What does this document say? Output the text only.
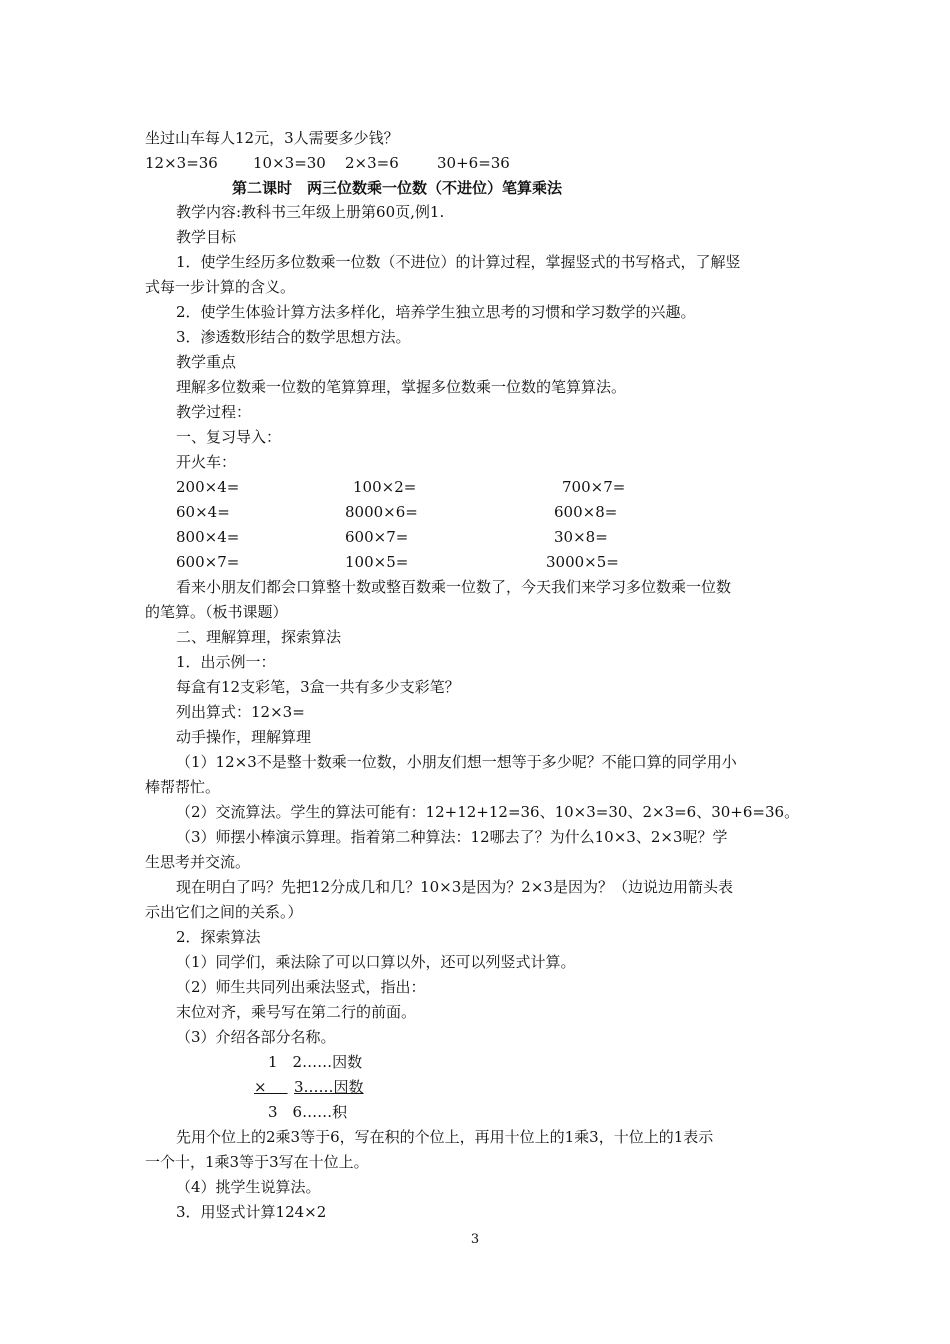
坐过山车每人12元，3人需要多少钱？
12×3=36 10×3=30 2×3=6	30+6=36
第二课时　两三位数乘一位数（不进位）笔算乘法
教学内容:教科书三年级上册第60页,例1.
教学目标
1．使学生经历多位数乘一位数（不进位）的计算过程，掌握竖式的书写格式，了解竖
式每一步计算的含义。
2．使学生体验计算方法多样化，培养学生独立思考的习惯和学习数学的兴趣。
3．渗透数形结合的数学思想方法。
教学重点
理解多位数乘一位数的笔算算理，掌握多位数乘一位数的笔算算法。
教学过程：
一、复习导入：
开火车：
200×4=	100×2=	700×7=
60×4=	8000×6=	600×8=
800×4=	600×7=	30×8=
600×7=	100×5=	3000×5=
看来小朋友们都会口算整十数或整百数乘一位数了，今天我们来学习多位数乘一位数
的笔算。（板书课题）
二、理解算理，探索算法
1．出示例一：
每盒有12支彩笔，3盒一共有多少支彩笔？
列出算式：12×3=
动手操作，理解算理
（1）12×3不是整十数乘一位数，小朋友们想一想等于多少呢？不能口算的同学用小
棒帮帮忙。
（2）交流算法。学生的算法可能有：12+12+12=36、10×3=30、2×3=6、30+6=36。
（3）师摆小棒演示算理。指着第二种算法：12哪去了？为什么10×3、2×3呢？学
生思考并交流。
现在明白了吗？先把12分成几和几？10×3是因为？2×3是因为？（边说边用箭头表
示出它们之间的关系。）
2．探索算法
（1）同学们，乘法除了可以口算以外，还可以列竖式计算。
（2）师生共同列出乘法竖式，指出：
末位对齐，乘号写在第二行的前面。
（3）介绍各部分名称。
1　2……因数
×　  	3……因数
3　6……积
先用个位上的2乘3等于6，写在积的个位上，再用十位上的1乘3，十位上的1表示
一个十，1乘3等于3写在十位上。
（4）挑学生说算法。
3．用竖式计算124×2
3
